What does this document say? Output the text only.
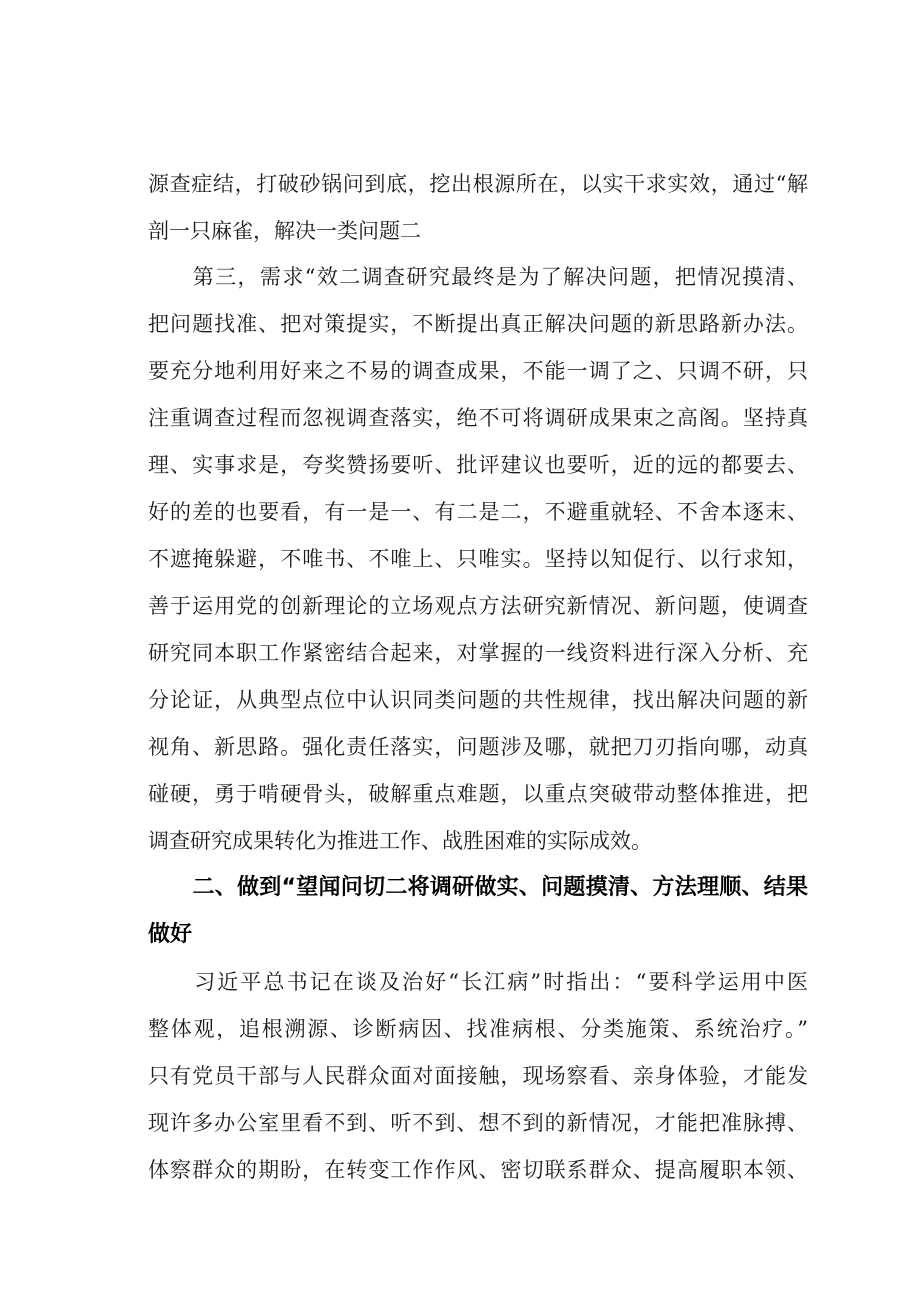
源查症结，打破砂锅问到底，挖出根源所在，以实干求实效，通过“解
剖一只麻雀，解决一类问题二
　　第三，需求“效二调查研究最终是为了解决问题，把情况摸清、
把问题找准、把对策提实，不断提出真正解决问题的新思路新办法。
要充分地利用好来之不易的调查成果，不能一调了之、只调不研，只
注重调查过程而忽视调查落实，绝不可将调研成果束之高阁。坚持真
理、实事求是，夸奖赞扬要听、批评建议也要听，近的远的都要去、
好的差的也要看，有一是一、有二是二，不避重就轻、不舍本逐末、
不遮掩躲避，不唯书、不唯上、只唯实。坚持以知促行、以行求知，
善于运用党的创新理论的立场观点方法研究新情况、新问题，使调查
研究同本职工作紧密结合起来，对掌握的一线资料进行深入分析、充
分论证，从典型点位中认识同类问题的共性规律，找出解决问题的新
视角、新思路。强化责任落实，问题涉及哪，就把刀刃指向哪，动真
碰硬，勇于啃硬骨头，破解重点难题，以重点突破带动整体推进，把
调查研究成果转化为推进工作、战胜困难的实际成效。
　　二、做到“望闻问切二将调研做实、问题摸清、方法理顺、结果
做好
　　习近平总书记在谈及治好“长江病”时指出：“要科学运用中医
整体观，追根溯源、诊断病因、找准病根、分类施策、系统治疗。”
只有党员干部与人民群众面对面接触，现场察看、亲身体验，才能发
现许多办公室里看不到、听不到、想不到的新情况，才能把准脉搏、
体察群众的期盼，在转变工作作风、密切联系群众、提高履职本领、
